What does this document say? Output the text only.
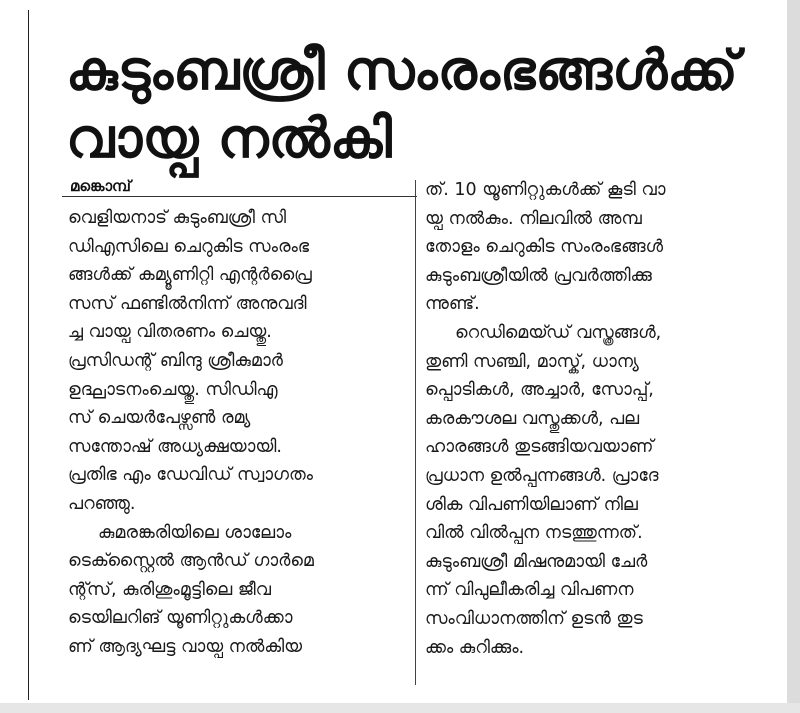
കുടുംബശ്രീ സംരംഭങ്ങൾക്ക്
വായ്പ നൽകി
മങ്കൊമ്പ്
വെളിയനാട് കുടുംബശ്രീ സി
ഡിഎസിലെ ചെറുകിട സംരംഭ
ങ്ങൾക്ക് കമ്യൂണിറ്റി എന്റർപ്രൈ
സസ് ഫണ്ടിൽനിന്ന് അനുവദി
ച്ച വായ്പ വിതരണം ചെയ്തു.
പ്രസിഡന്റ് ബിന്ദു ശ്രീകുമാർ
ഉദ്ഘാടനംചെയ്തു. സിഡിഎ
സ് ചെയർപേഴ്സൺ രമ്യ
സന്തോഷ് അധ്യക്ഷയായി.
പ്രതിഭ എം ഡേവിഡ് സ്വാഗതം
പറഞ്ഞു.
കുമരങ്കരിയിലെ ശാലോം
ടെക്സ്റ്റൈൽ ആൻഡ് ഗാർമെ
ന്റ്സ്, കുരിശുംമൂട്ടിലെ ജീവ
ടെയിലറിങ് യൂണിറ്റുകൾക്കാ
ണ് ആദ്യഘട്ട വായ്പ നൽകിയ
ത്. 10 യൂണിറ്റുകൾക്ക് കൂടി വാ
യ്പ നൽകും. നിലവിൽ അമ്പ
തോളം ചെറുകിട സംരംഭങ്ങൾ
കുടുംബശ്രീയിൽ പ്രവർത്തിക്കു
ന്നുണ്ട്.
റെഡിമെയ്ഡ് വസ്ത്രങ്ങൾ,
തുണി സഞ്ചി, മാസ്ക്, ധാന്യ
പ്പൊടികൾ, അച്ചാർ, സോപ്പ്,
കരകൗശല വസ്തുക്കൾ, പല
ഹാരങ്ങൾ തുടങ്ങിയവയാണ്
പ്രധാന ഉൽപ്പന്നങ്ങൾ. പ്രാദേ
ശിക വിപണിയിലാണ് നില
വിൽ വിൽപ്പന നടത്തുന്നത്.
കുടുംബശ്രീ മിഷനുമായി ചേർ
ന്ന് വിപുലീകരിച്ച വിപണന
സംവിധാനത്തിന് ഉടൻ തുട
ക്കം കുറിക്കും.
